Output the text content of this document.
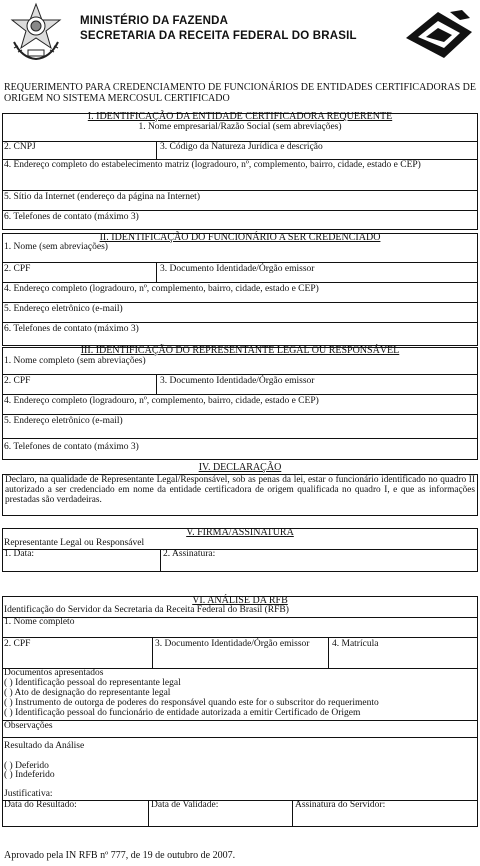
MINISTÉRIO DA FAZENDA
SECRETARIA DA RECEITA FEDERAL DO BRASIL
REQUERIMENTO PARA CREDENCIAMENTO DE FUNCIONÁRIOS DE ENTIDADES CERTIFICADORAS DE ORIGEM NO SISTEMA MERCOSUL CERTIFICADO
I. IDENTIFICAÇÃO DA ENTIDADE CERTIFICADORA REQUERENTE
1. Nome empresarial/Razão Social (sem abreviações)
2. CNPJ	3. Código da Natureza Jurídica e descrição
4. Endereço completo do estabelecimento matriz (logradouro, nº, complemento, bairro, cidade, estado e CEP)
5. Sítio da Internet (endereço da página na Internet)
6. Telefones de contato (máximo 3)
II. IDENTIFICAÇÃO DO FUNCIONÁRIO A SER CREDENCIADO
1. Nome (sem abreviações)
2. CPF	3. Documento Identidade/Órgão emissor
4. Endereço completo (logradouro, nº, complemento, bairro, cidade, estado e CEP)
5. Endereço eletrônico (e-mail)
6. Telefones de contato (máximo 3)
III. IDENTIFICAÇÃO DO REPRESENTANTE LEGAL OU RESPONSÁVEL
1. Nome completo (sem abreviações)
2. CPF	3. Documento Identidade/Órgão emissor
4. Endereço completo (logradouro, nº, complemento, bairro, cidade, estado e CEP)
5. Endereço eletrônico (e-mail)
6. Telefones de contato (máximo 3)
IV. DECLARAÇÃO
Declaro, na qualidade de Representante Legal/Responsável, sob as penas da lei, estar o funcionário identificado no quadro II autorizado a ser credenciado em nome da entidade certificadora de origem qualificada no quadro I, e que as informações prestadas são verdadeiras.
V. FIRMA/ASSINATURA
Representante Legal ou Responsável
1. Data:	2. Assinatura:
VI. ANÁLISE DA RFB
Identificação do Servidor da Secretaria da Receita Federal do Brasil (RFB)
1. Nome completo
2. CPF	3. Documento Identidade/Órgão emissor	4. Matrícula
Documentos apresentados
( ) Identificação pessoal do representante legal
( ) Ato de designação do representante legal
( ) Instrumento de outorga de poderes do responsável quando este for o subscritor do requerimento
( ) Identificação pessoal do funcionário de entidade autorizada a emitir Certificado de Origem
Observações
Resultado da Análise
( ) Deferido
( ) Indeferido
Justificativa:
Data do Resultado:	Data de Validade:	Assinatura do Servidor:
Aprovado pela IN RFB nº 777, de 19 de outubro de 2007.
